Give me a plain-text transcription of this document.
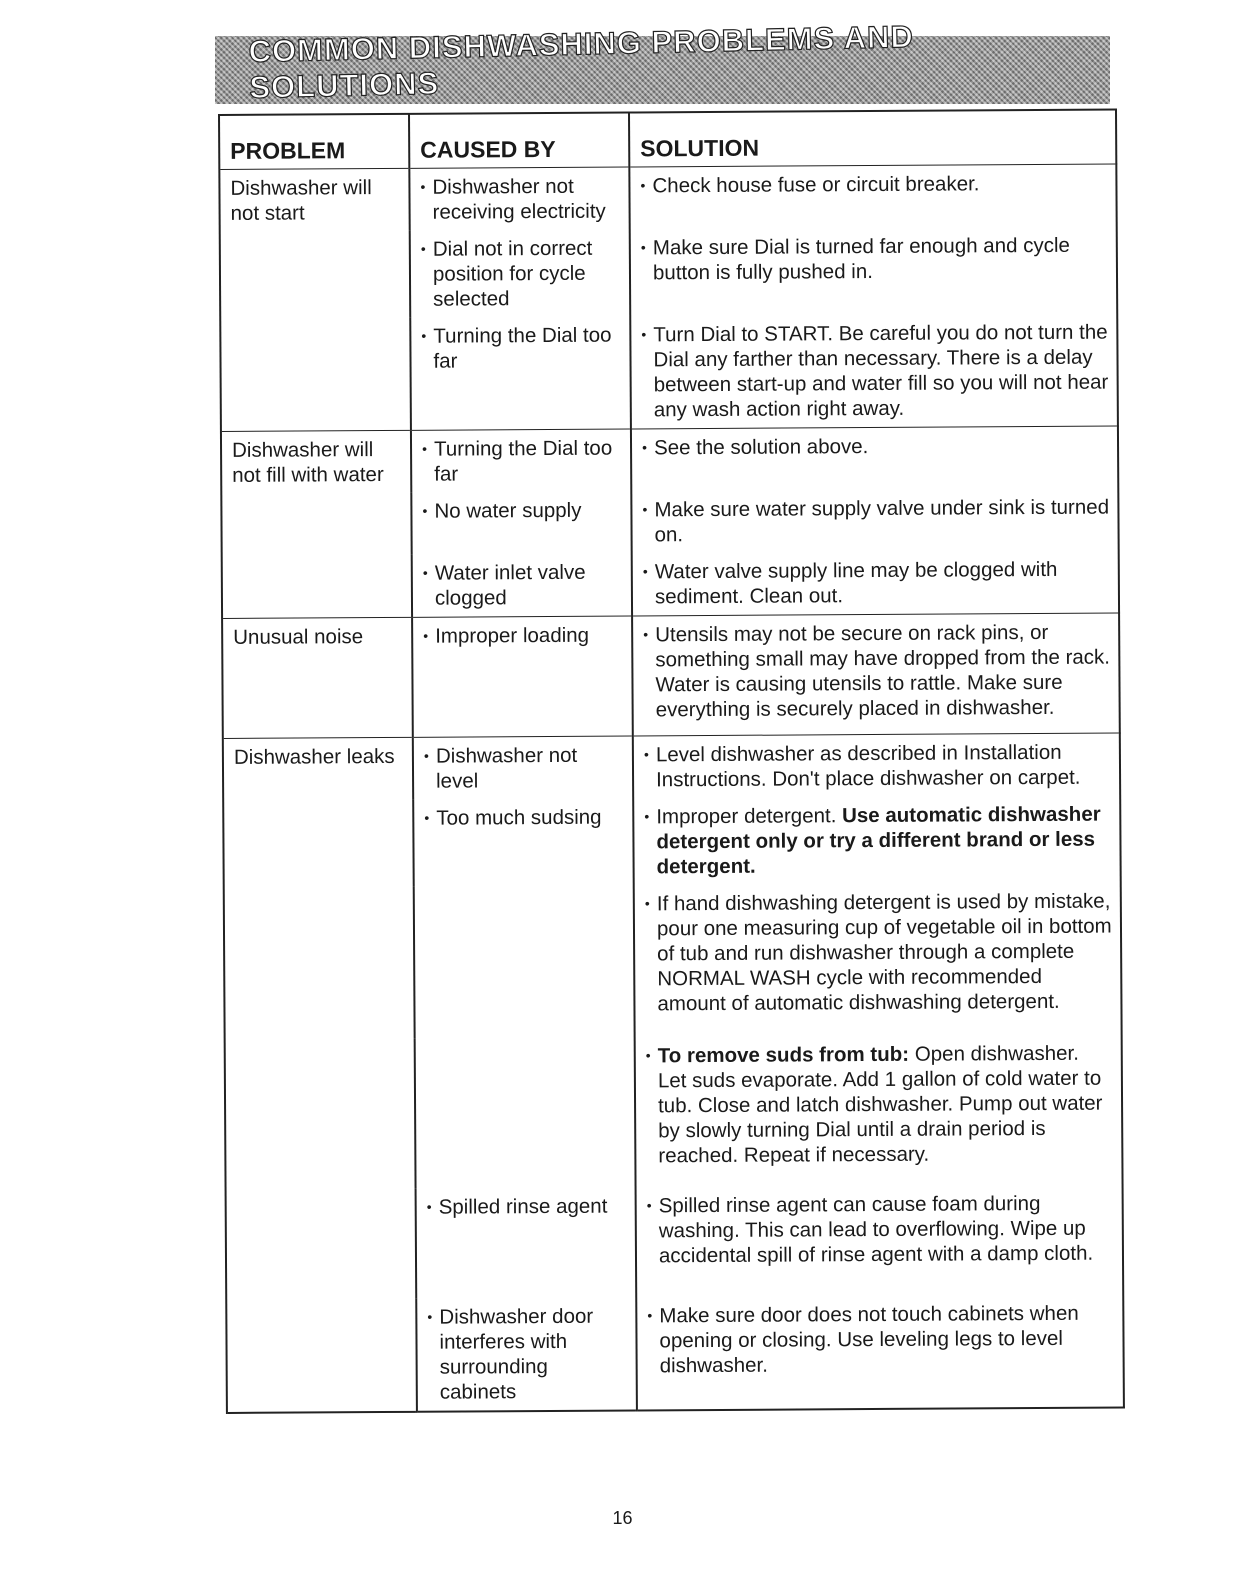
COMMON DISHWASHING PROBLEMS AND SOLUTIONS
PROBLEM	CAUSED BY	SOLUTION
Dishwasher will not start	• Dishwasher not receiving electricity	• Check house fuse or circuit breaker.

	• Dial not in correct position for cycle selected	• Make sure Dial is turned far enough and cycle button is fully pushed in.

	• Turning the Dial too far	• Turn Dial to START. Be careful you do not turn the Dial any farther than necessary. There is a delay between start-up and water fill so you will not hear any wash action right away.

Dishwasher will not fill with water	• Turning the Dial too far	• See the solution above.

	• No water supply	• Make sure water supply valve under sink is turned on.

	• Water inlet valve clogged	• Water valve supply line may be clogged with sediment. Clean out.

Unusual noise	• Improper loading	• Utensils may not be secure on rack pins, or something small may have dropped from the rack. Water is causing utensils to rattle. Make sure everything is securely placed in dishwasher.

Dishwasher leaks	• Dishwasher not level	• Level dishwasher as described in Installation Instructions. Don't place dishwasher on carpet.

	• Too much sudsing	• Improper detergent. Use automatic dishwasher detergent only or try a different brand or less detergent.

		• If hand dishwashing detergent is used by mistake, pour one measuring cup of vegetable oil in bottom of tub and run dishwasher through a complete NORMAL WASH cycle with recommended amount of automatic dishwashing detergent.

		• To remove suds from tub: Open dishwasher. Let suds evaporate. Add 1 gallon of cold water to tub. Close and latch dishwasher. Pump out water by slowly turning Dial until a drain period is reached. Repeat if necessary.

	• Spilled rinse agent	• Spilled rinse agent can cause foam during washing. This can lead to overflowing. Wipe up accidental spill of rinse agent with a damp cloth.

	• Dishwasher door interferes with surrounding cabinets	• Make sure door does not touch cabinets when opening or closing. Use leveling legs to level dishwasher.
16
